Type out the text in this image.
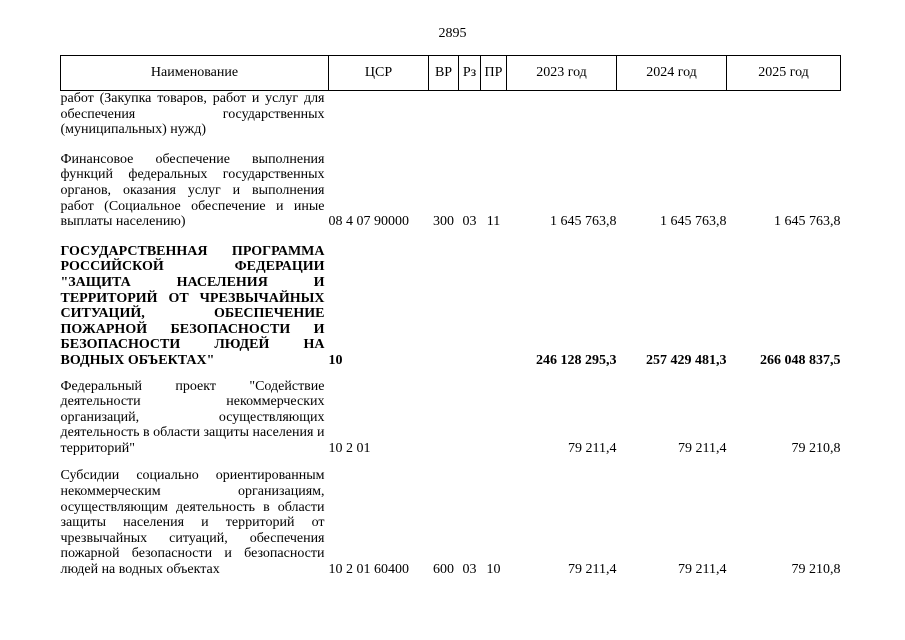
2895
Наименование	ЦСР	ВР	Рз	ПР	2023 год	2024 год	2025 год
работ (Закупка товаров, работ и услуг для обеспечения государственных (муниципальных) нужд)							
Финансовое обеспечение выполнения функций федеральных государственных органов, оказания услуг и выполнения работ (Социальное обеспечение и иные выплаты населению)	08 4 07 90000	300	03	11	1 645 763,8	1 645 763,8	1 645 763,8
ГОСУДАРСТВЕННАЯ ПРОГРАММА РОССИЙСКОЙ ФЕДЕРАЦИИ "ЗАЩИТА НАСЕЛЕНИЯ И ТЕРРИТОРИЙ ОТ ЧРЕЗВЫЧАЙНЫХ СИТУАЦИЙ, ОБЕСПЕЧЕНИЕ ПОЖАРНОЙ БЕЗОПАСНОСТИ И БЕЗОПАСНОСТИ ЛЮДЕЙ НА ВОДНЫХ ОБЪЕКТАХ"	10				246 128 295,3	257 429 481,3	266 048 837,5
Федеральный проект "Содействие деятельности некоммерческих организаций, осуществляющих деятельность в области защиты населения и территорий"	10 2 01				79 211,4	79 211,4	79 210,8
Субсидии социально ориентированным некоммерческим организациям, осуществляющим деятельность в области защиты населения и территорий от чрезвычайных ситуаций, обеспечения пожарной безопасности и безопасности людей на водных объектах	10 2 01 60400	600	03	10	79 211,4	79 211,4	79 210,8
